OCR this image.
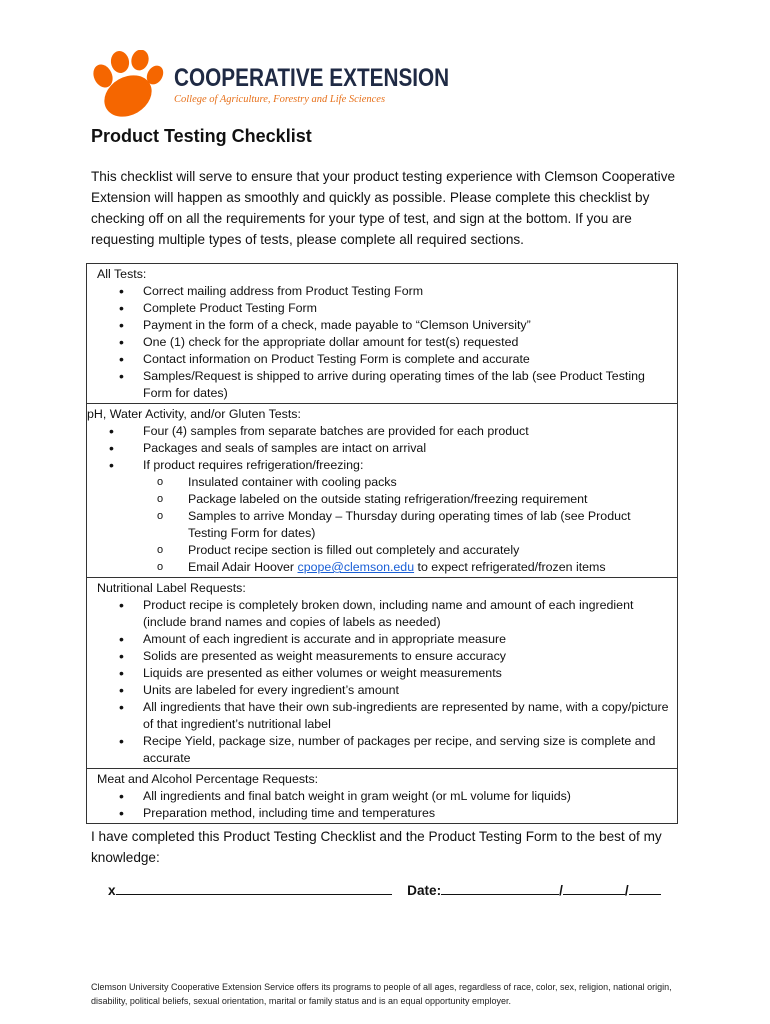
COOPERATIVE EXTENSION
College of Agriculture, Forestry and Life Sciences
Product Testing Checklist

This checklist will serve to ensure that your product testing experience with Clemson Cooperative Extension will happen as smoothly and quickly as possible. Please complete this checklist by checking off on all the requirements for your type of test, and sign at the bottom. If you are requesting multiple types of tests, please complete all required sections.

All Tests:

• Correct mailing address from Product Testing Form
• Complete Product Testing Form
• Payment in the form of a check, made payable to “Clemson University”
• One (1) check for the appropriate dollar amount for test(s) requested
• Contact information on Product Testing Form is complete and accurate
• Samples/Request is shipped to arrive during operating times of the lab (see Product Testing Form for dates)

pH, Water Activity, and/or Gluten Tests:

• Four (4) samples from separate batches are provided for each product
• Packages and seals of samples are intact on arrival
• If product requires refrigeration/freezing:
o Insulated container with cooling packs
o Package labeled on the outside stating refrigeration/freezing requirement
o Samples to arrive Monday – Thursday during operating times of lab (see Product Testing Form for dates)
o Product recipe section is filled out completely and accurately
o Email Adair Hoover cpope@clemson.edu to expect refrigerated/frozen items

Nutritional Label Requests:

• Product recipe is completely broken down, including name and amount of each ingredient (include brand names and copies of labels as needed)
• Amount of each ingredient is accurate and in appropriate measure
• Solids are presented as weight measurements to ensure accuracy
• Liquids are presented as either volumes or weight measurements
• Units are labeled for every ingredient’s amount
• All ingredients that have their own sub-ingredients are represented by name, with a copy/picture of that ingredient’s nutritional label
• Recipe Yield, package size, number of packages per recipe, and serving size is complete and accurate

Meat and Alcohol Percentage Requests:

• All ingredients and final batch weight in gram weight (or mL volume for liquids)
• Preparation method, including time and temperatures

I have completed this Product Testing Checklist and the Product Testing Form to the best of my knowledge:

x	Date:	/	/
Clemson University Cooperative Extension Service offers its programs to people of all ages, regardless of race, color, sex, religion, national origin, disability, political beliefs, sexual orientation, marital or family status and is an equal opportunity employer.
